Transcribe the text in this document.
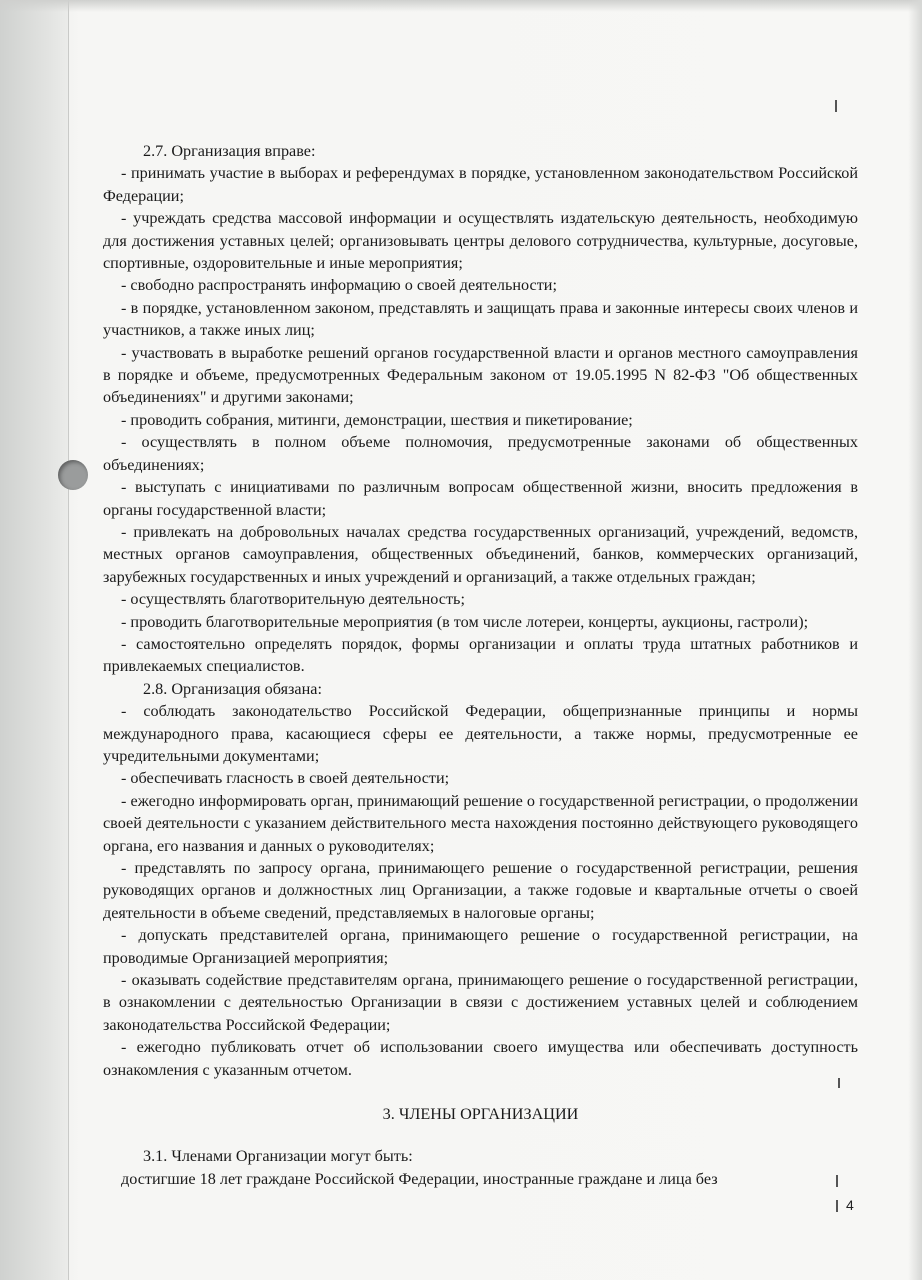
2.7. Организация вправе:

- принимать участие в выборах и референдумах в порядке, установленном законодательством Российской Федерации;

- учреждать средства массовой информации и осуществлять издательскую деятельность, необходимую для достижения уставных целей; организовывать центры делового сотрудничества, культурные, досуговые, спортивные, оздоровительные и иные мероприятия;

- свободно распространять информацию о своей деятельности;

- в порядке, установленном законом, представлять и защищать права и законные интересы своих членов и участников, а также иных лиц;

- участвовать в выработке решений органов государственной власти и органов местного самоуправления в порядке и объеме, предусмотренных Федеральным законом от 19.05.1995 N 82-ФЗ "Об общественных объединениях" и другими законами;

- проводить собрания, митинги, демонстрации, шествия и пикетирование;

- осуществлять в полном объеме полномочия, предусмотренные законами об общественных объединениях;

- выступать с инициативами по различным вопросам общественной жизни, вносить предложения в органы государственной власти;

- привлекать на добровольных началах средства государственных организаций, учреждений, ведомств, местных органов самоуправления, общественных объединений, банков, коммерческих организаций, зарубежных государственных и иных учреждений и организаций, а также отдельных граждан;

- осуществлять благотворительную деятельность;

- проводить благотворительные мероприятия (в том числе лотереи, концерты, аукционы, гастроли);

- самостоятельно определять порядок, формы организации и оплаты труда штатных работников и привлекаемых специалистов.

2.8. Организация обязана:

- соблюдать законодательство Российской Федерации, общепризнанные принципы и нормы международного права, касающиеся сферы ее деятельности, а также нормы, предусмотренные ее учредительными документами;

- обеспечивать гласность в своей деятельности;

- ежегодно информировать орган, принимающий решение о государственной регистрации, о продолжении своей деятельности с указанием действительного места нахождения постоянно действующего руководящего органа, его названия и данных о руководителях;

- представлять по запросу органа, принимающего решение о государственной регистрации, решения руководящих органов и должностных лиц Организации, а также годовые и квартальные отчеты о своей деятельности в объеме сведений, представляемых в налоговые органы;

- допускать представителей органа, принимающего решение о государственной регистрации, на проводимые Организацией мероприятия;

- оказывать содействие представителям органа, принимающего решение о государственной регистрации, в ознакомлении с деятельностью Организации в связи с достижением уставных целей и соблюдением законодательства Российской Федерации;

- ежегодно публиковать отчет об использовании своего имущества или обеспечивать доступность ознакомления с указанным отчетом.

3. ЧЛЕНЫ ОРГАНИЗАЦИИ

3.1. Членами Организации могут быть:

достигшие 18 лет граждане Российской Федерации, иностранные граждане и лица без

4
